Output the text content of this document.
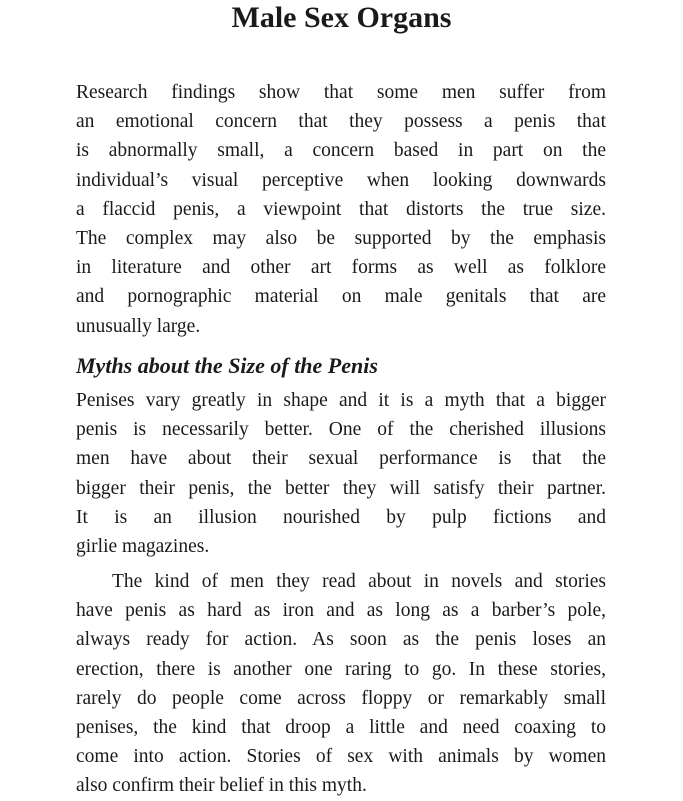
Male Sex Organs
Research findings show that some men suffer from
an emotional concern that they possess a penis that
is abnormally small, a concern based in part on the
individual’s visual perceptive when looking downwards
a flaccid penis, a viewpoint that distorts the true size.
The complex may also be supported by the emphasis
in literature and other art forms as well as folklore
and pornographic material on male genitals that are
unusually large.
Myths about the Size of the Penis
Penises vary greatly in shape and it is a myth that a bigger
penis is necessarily better. One of the cherished illusions
men have about their sexual performance is that the
bigger their penis, the better they will satisfy their partner.
It is an illusion nourished by pulp fictions and
girlie magazines.
The kind of men they read about in novels and stories
have penis as hard as iron and as long as a barber’s pole,
always ready for action. As soon as the penis loses an
erection, there is another one raring to go. In these stories,
rarely do people come across floppy or remarkably small
penises, the kind that droop a little and need coaxing to
come into action. Stories of sex with animals by women
also confirm their belief in this myth.
